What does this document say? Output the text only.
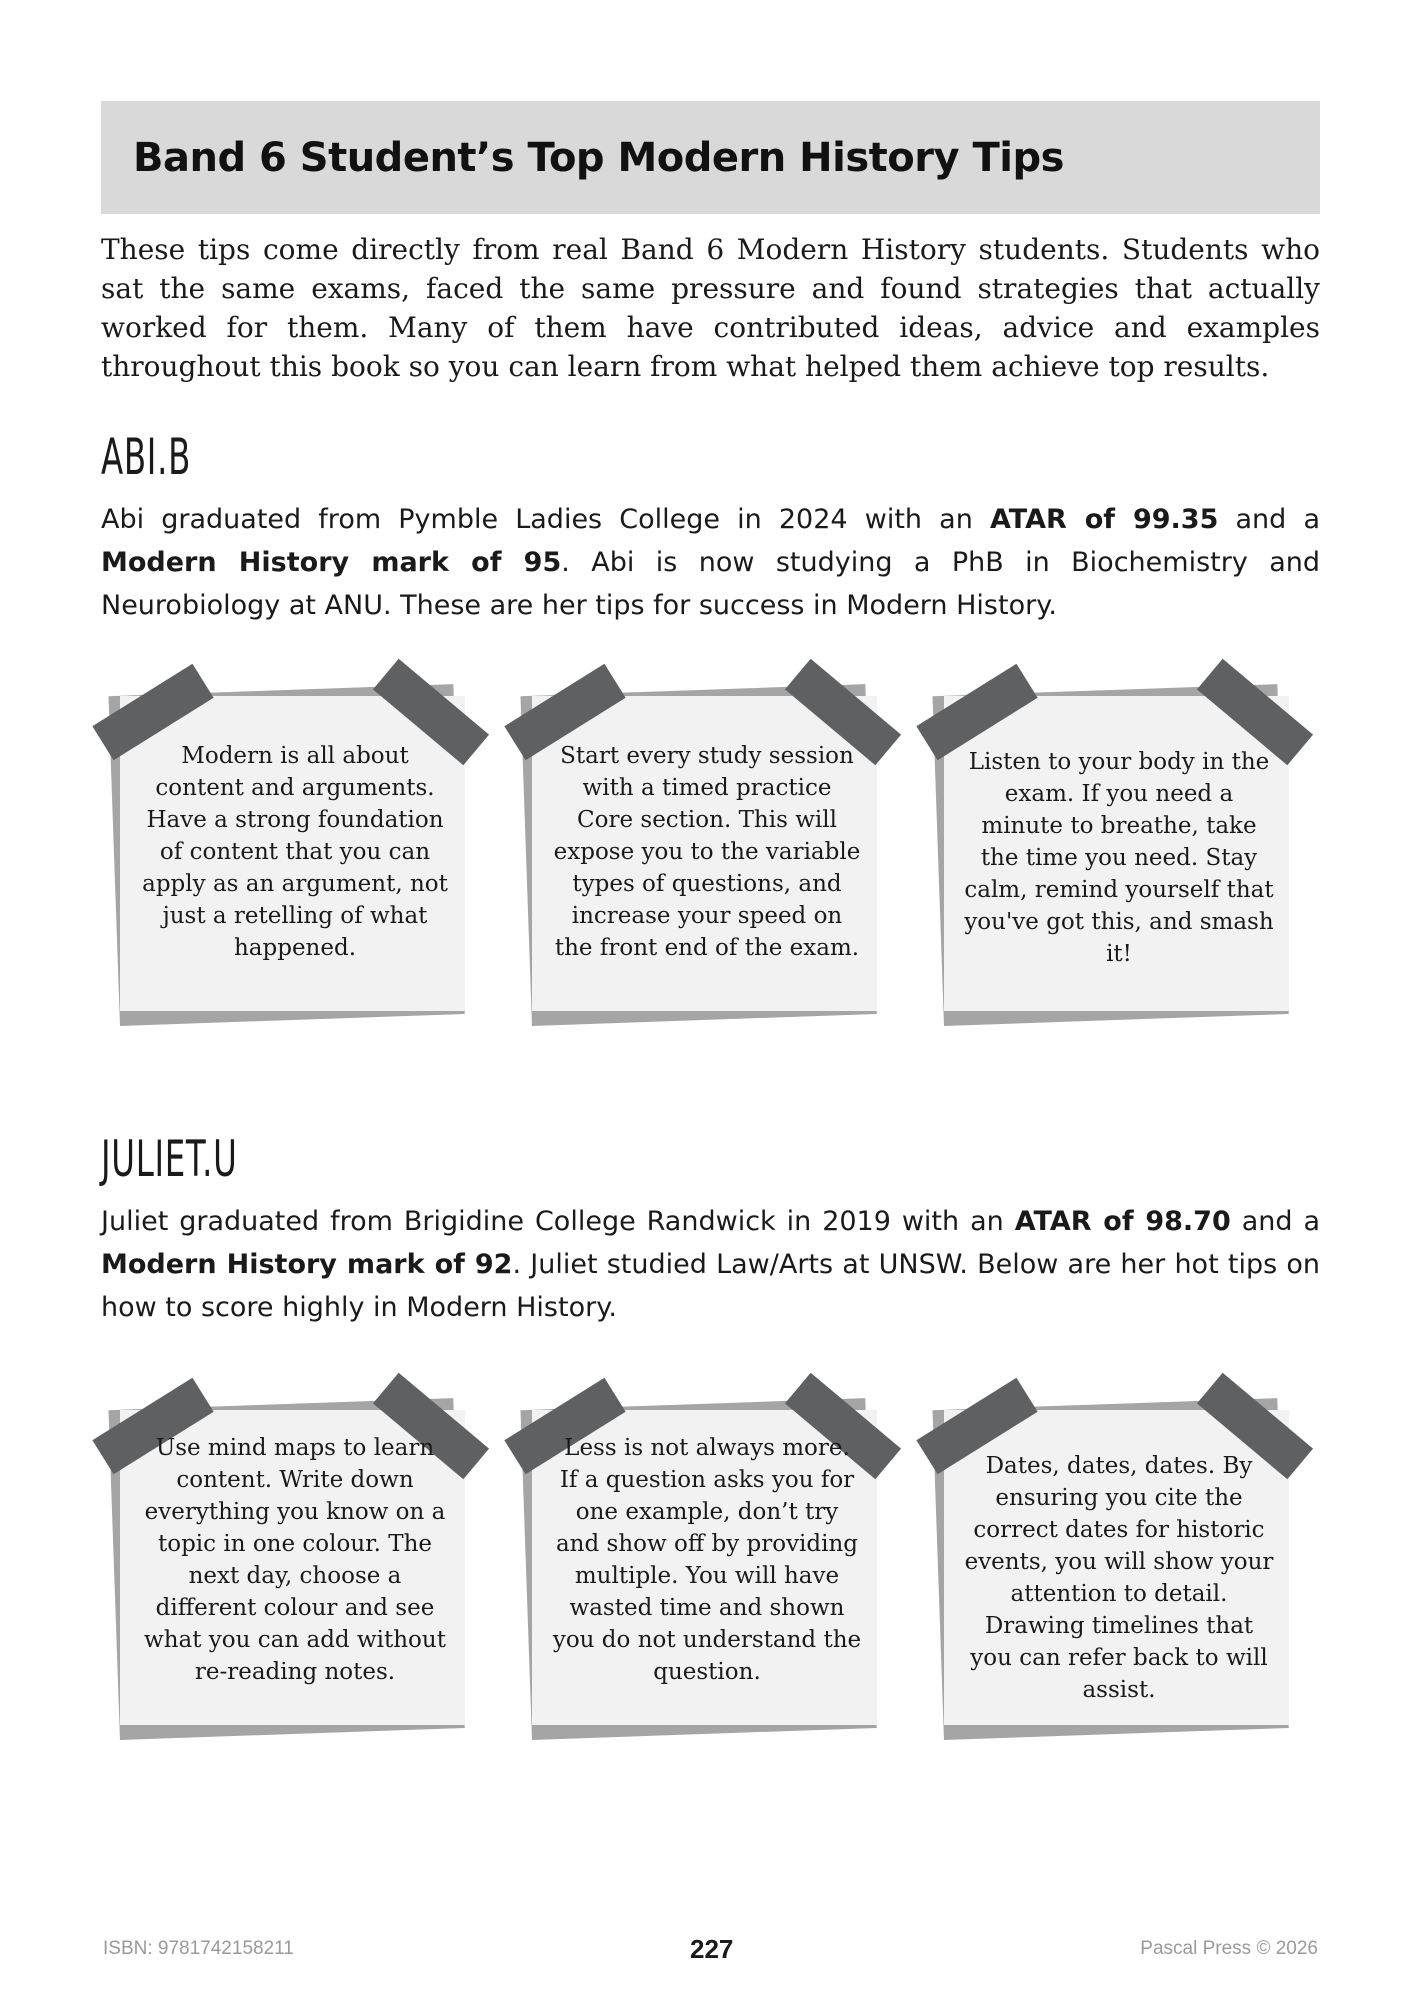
Band 6 Student’s Top Modern History Tips

These tips come directly from real Band 6 Modern History students. Students who sat the same exams, faced the same pressure and found strategies that actually worked for them. Many of them have contributed ideas, advice and examples throughout this book so you can learn from what helped them achieve top results.

ABI.B

Abi graduated from Pymble Ladies College in 2024 with an ATAR of 99.35 and a Modern History mark of 95. Abi is now studying a PhB in Biochemistry and Neurobiology at ANU. These are her tips for success in Modern History.

Modern is all about content and arguments. Have a strong foundation of content that you can apply as an argument, not just a retelling of what happened.

Start every study session with a timed practice Core section. This will expose you to the variable types of questions, and increase your speed on the front end of the exam.

Listen to your body in the exam. If you need a minute to breathe, take the time you need. Stay calm, remind yourself that you've got this, and smash it!

JULIET.U

Juliet graduated from Brigidine College Randwick in 2019 with an ATAR of 98.70 and a Modern History mark of 92. Juliet studied Law/Arts at UNSW. Below are her hot tips on how to score highly in Modern History.

Use mind maps to learn content. Write down everything you know on a topic in one colour. The next day, choose a different colour and see what you can add without re-reading notes.

Less is not always more. If a question asks you for one example, don’t try and show off by providing multiple. You will have wasted time and shown you do not understand the question.

Dates, dates, dates. By ensuring you cite the correct dates for historic events, you will show your attention to detail. Drawing timelines that you can refer back to will assist.

ISBN: 9781742158211	227	Pascal Press © 2026
